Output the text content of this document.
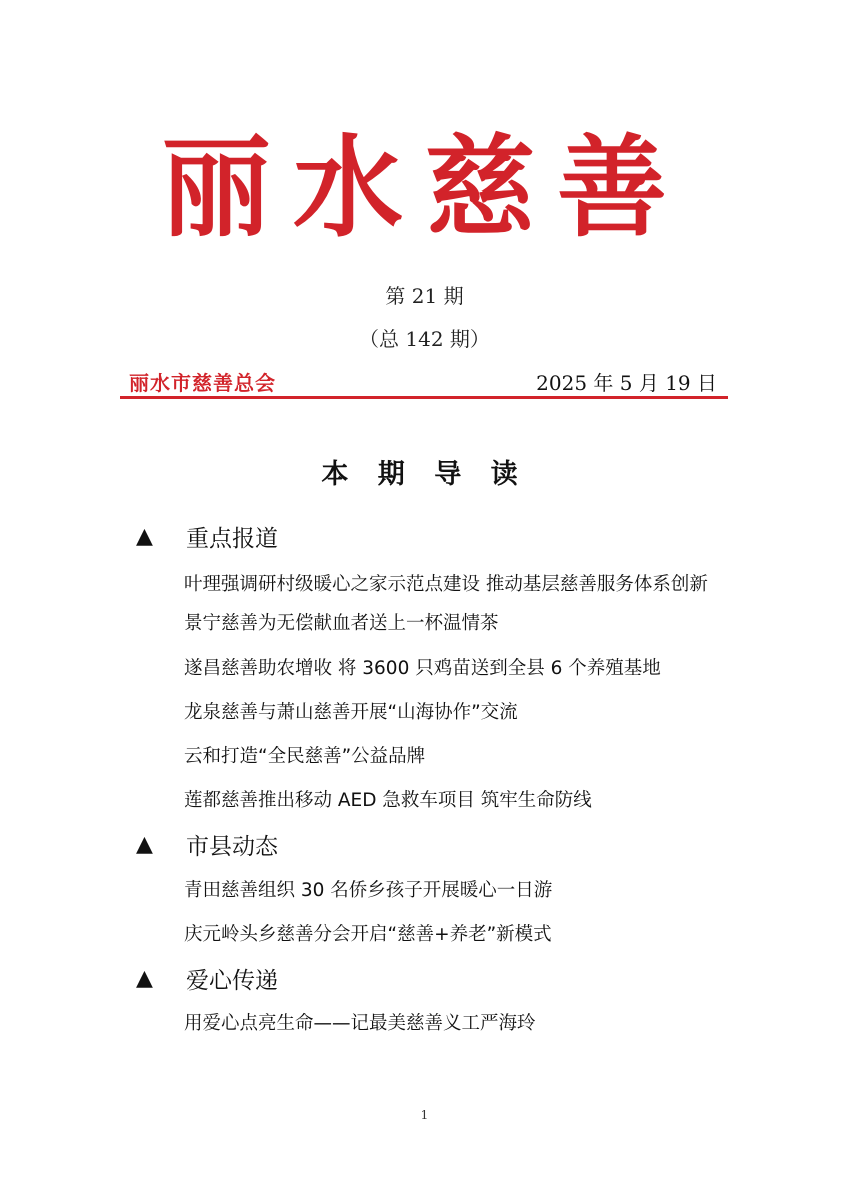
丽水慈善
第 21 期
（总 142 期）
丽水市慈善总会	2025 年 5 月 19 日
本 期 导 读
▲	重点报道
叶理强调研村级暖心之家示范点建设 推动基层慈善服务体系创新
景宁慈善为无偿献血者送上一杯温情茶
遂昌慈善助农增收 将 3600 只鸡苗送到全县 6 个养殖基地
龙泉慈善与萧山慈善开展“山海协作”交流
云和打造“全民慈善”公益品牌
莲都慈善推出移动 AED 急救车项目 筑牢生命防线
▲	市县动态
青田慈善组织 30 名侨乡孩子开展暖心一日游
庆元岭头乡慈善分会开启“慈善+养老”新模式
▲	爱心传递
用爱心点亮生命——记最美慈善义工严海玲
1
